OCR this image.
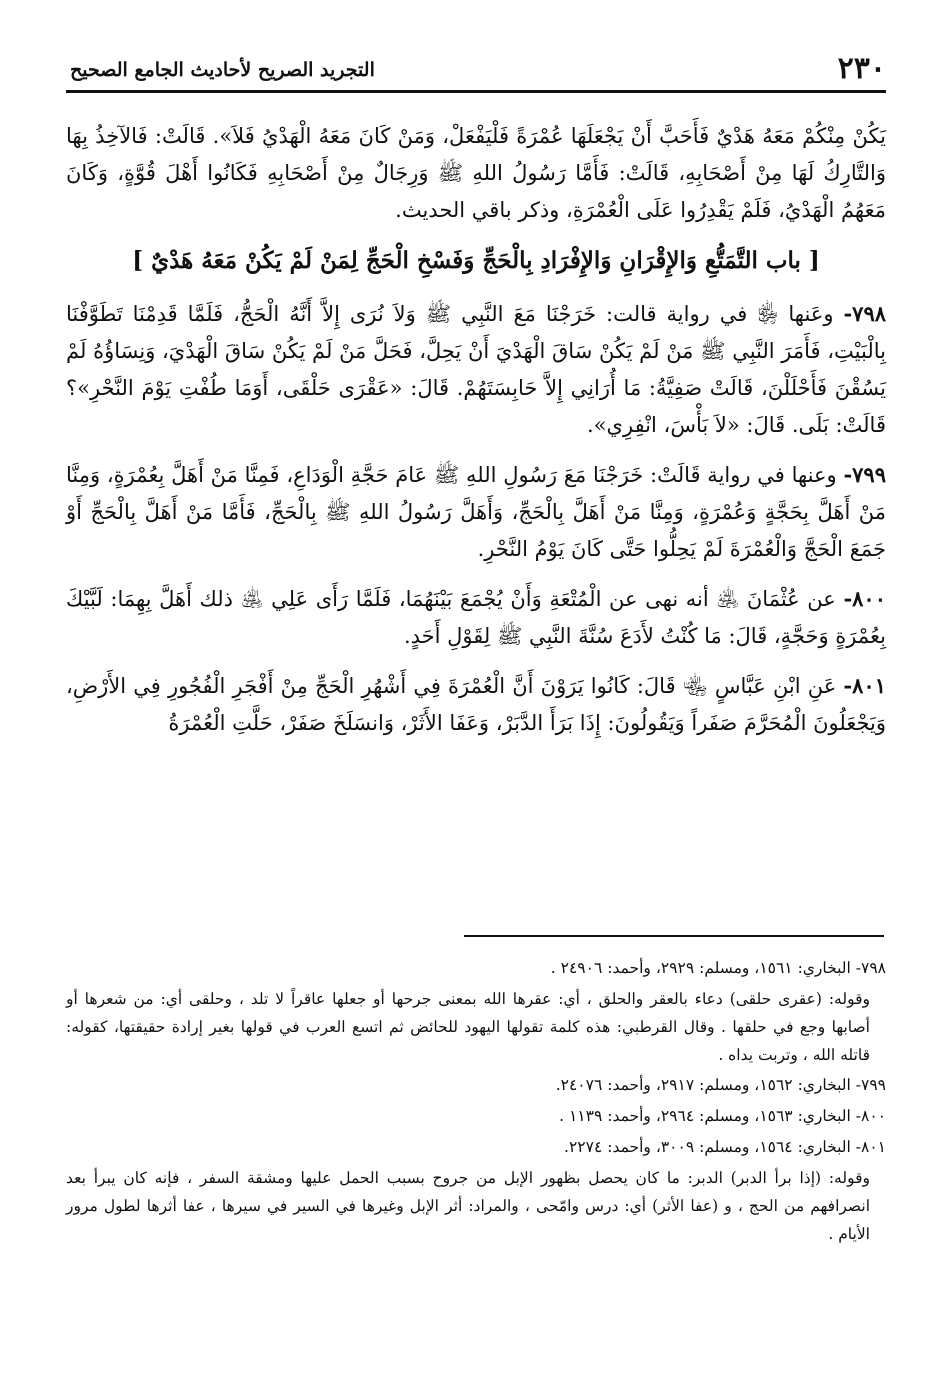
٢٣٠
التجريد الصريح لأحاديث الجامع الصحيح

يَكُنْ مِنْكُمْ مَعَهُ هَدْيٌ فَأَحَبَّ أَنْ يَجْعَلَهَا عُمْرَةً فَلْيَفْعَلْ، وَمَنْ كَانَ مَعَهُ الْهَدْيُ فَلاَ». قَالَتْ: فَالآخِذُ بِهَا وَالتَّارِكُ لَهَا مِنْ أَصْحَابِهِ، قَالَتْ: فَأَمَّا رَسُولُ اللهِ ﷺ وَرِجَالٌ مِنْ أَصْحَابِهِ فَكَانُوا أَهْلَ قُوَّةٍ، وَكَانَ مَعَهُمُ الْهَدْيُ، فَلَمْ يَقْدِرُوا عَلَى الْعُمْرَةِ، وذكر باقي الحديث.

[ باب التَّمَتُّعِ وَالإِقْرَانِ وَالإِفْرَادِ بِالْحَجِّ وَفَسْخِ الْحَجِّ لِمَنْ لَمْ يَكُنْ مَعَهُ هَدْيٌ ]

٧٩٨- وعَنها ﵂ في رواية قالت: خَرَجْنَا مَعَ النَّبِي ﷺ وَلاَ نُرَى إِلاَّ أَنَّهُ الْحَجُّ، فَلَمَّا قَدِمْنَا تَطَوَّفْنَا بِالْبَيْتِ، فَأَمَرَ النَّبِي ﷺ مَنْ لَمْ يَكُنْ سَاقَ الْهَدْيَ أَنْ يَحِلَّ، فَحَلَّ مَنْ لَمْ يَكُنْ سَاقَ الْهَدْيَ، وَنِسَاؤُهُ لَمْ يَسُقْنَ فَأَحْلَلْنَ، قَالَتْ صَفِيَّةُ: مَا أُرَانِي إِلاَّ حَابِسَتَهُمْ. قَالَ: «عَقْرَى حَلْقَى، أَوَمَا طُفْتِ يَوْمَ النَّحْرِ»؟ قَالَتْ: بَلَى. قَالَ: «لاَ بَأْسَ، انْفِرِي».

٧٩٩- وعنها في رواية قَالَتْ: خَرَجْنَا مَعَ رَسُولِ اللهِ ﷺ عَامَ حَجَّةِ الْوَدَاعِ، فَمِنَّا مَنْ أَهَلَّ بِعُمْرَةٍ، وَمِنَّا مَنْ أَهَلَّ بِحَجَّةٍ وَعُمْرَةٍ، وَمِنَّا مَنْ أَهَلَّ بِالْحَجِّ، وَأَهَلَّ رَسُولُ اللهِ ﷺ بِالْحَجِّ، فَأَمَّا مَنْ أَهَلَّ بِالْحَجِّ أَوْ جَمَعَ الْحَجَّ وَالْعُمْرَةَ لَمْ يَحِلُّوا حَتَّى كَانَ يَوْمُ النَّحْرِ.

٨٠٠- عن عُثْمَانَ ﵁ أنه نهى عن الْمُتْعَةِ وَأَنْ يُجْمَعَ بَيْنَهُمَا، فَلَمَّا رَأَى عَلِي ﵁ ذلك أَهَلَّ بِهِمَا: لَبَّيْكَ بِعُمْرَةٍ وَحَجَّةٍ، قَالَ: مَا كُنْتُ لأَدَعَ سُنَّةَ النَّبِي ﷺ لِقَوْلِ أَحَدٍ.

٨٠١- عَنِ ابْنِ عَبَّاسٍ ﵄ قَالَ: كَانُوا يَرَوْنَ أَنَّ الْعُمْرَةَ فِي أَشْهُرِ الْحَجِّ مِنْ أَفْجَرِ الْفُجُورِ فِي الأَرْضِ، وَيَجْعَلُونَ الْمُحَرَّمَ صَفَراً وَيَقُولُونَ: إِذَا بَرَأَ الدَّبَرْ، وَعَفَا الأَثَرْ، وَانسَلَخَ صَفَرْ، حَلَّتِ الْعُمْرَةُ

٧٩٨- البخاري: ١٥٦١، ومسلم: ٢٩٢٩، وأحمد: ٢٤٩٠٦ .

وقوله: (عقرى حلقى) دعاء بالعقر والحلق ، أي: عقرها الله بمعنى جرحها أو جعلها عاقراً لا تلد ، وحلقى أي: من شعرها أو أصابها وجع في حلقها . وقال القرطبي: هذه كلمة تقولها اليهود للحائض ثم اتسع العرب في قولها بغير إرادة حقيقتها، كقوله: قاتله الله ، وتربت يداه .

٧٩٩- البخاري: ١٥٦٢، ومسلم: ٢٩١٧، وأحمد: ٢٤٠٧٦.

٨٠٠- البخاري: ١٥٦٣، ومسلم: ٢٩٦٤، وأحمد: ١١٣٩ .

٨٠١- البخاري: ١٥٦٤، ومسلم: ٣٠٠٩، وأحمد: ٢٢٧٤.

وقوله: (إذا برأ الدبر) الدبر: ما كان يحصل بظهور الإبل من جروح بسبب الحمل عليها ومشقة السفر ، فإنه كان يبرأ بعد انصرافهم من الحج ، و (عفا الأثر) أي: درس وامّحى ، والمراد: أثر الإبل وغيرها في السير في سيرها ، عفا أثرها لطول مرور الأيام .
